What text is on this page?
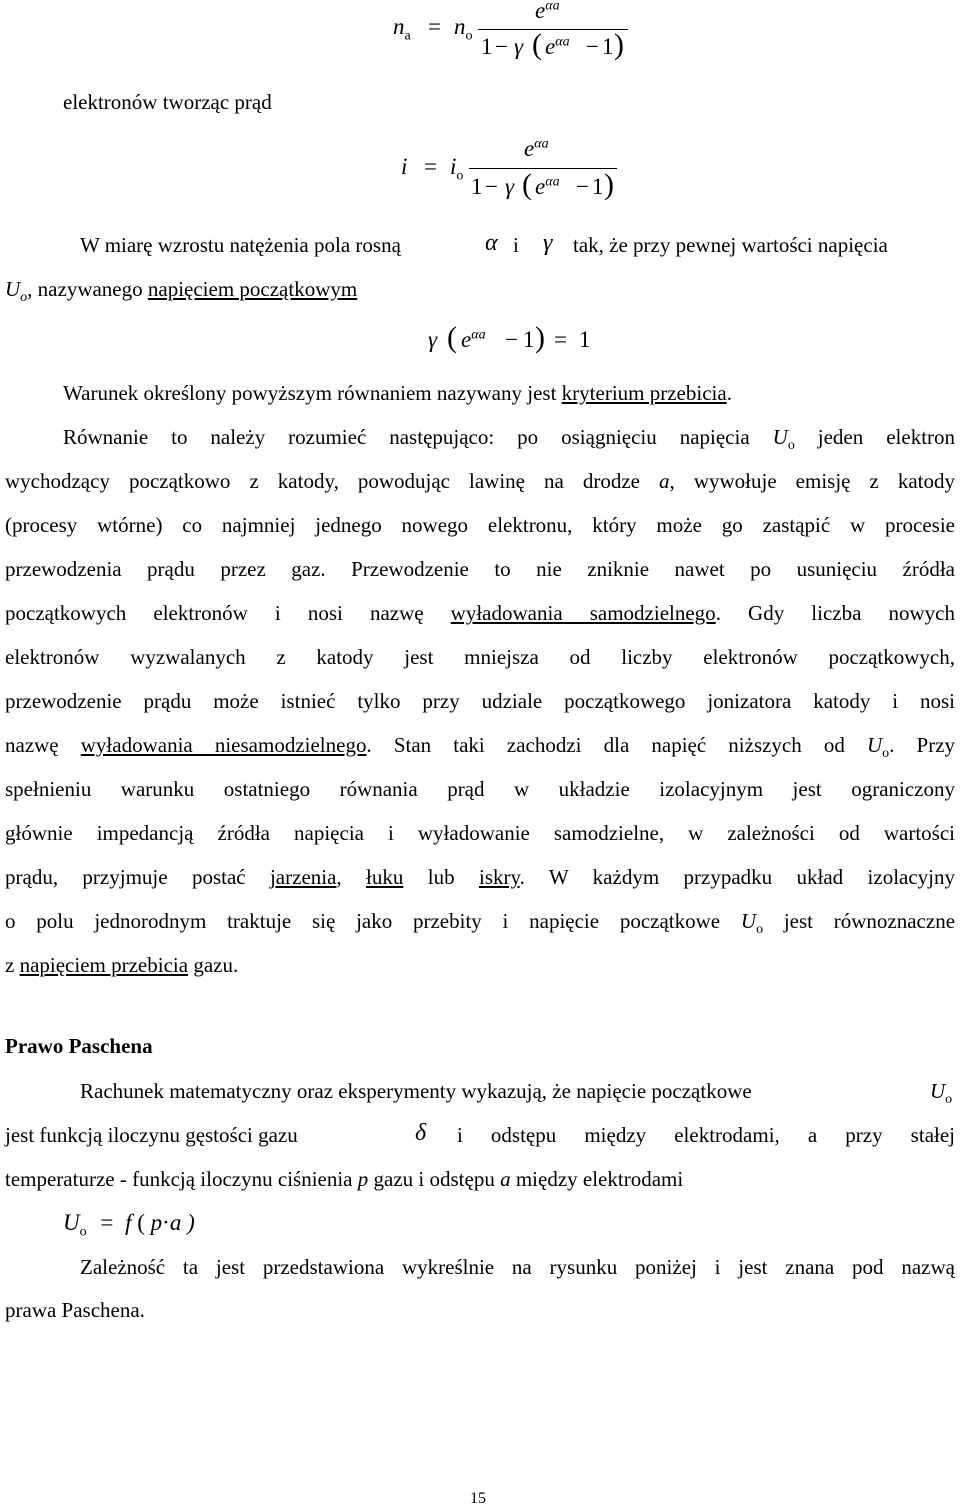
$n_a = n_o$
$e^{\alpha a}$
1 − γ ( $e^{\alpha a} - 1$ )
elektronów tworząc prąd
$i = i_o$
$e^{\alpha a}$
1 − γ ( $e^{\alpha a} - 1$ )
W miarę wzrostu natężenia pola rosną	α i γ tak, że przy pewnej wartości napięcia
$U_o$, nazywanego napięciem początkowym
γ ( $e^{\alpha a} - 1$ ) = 1
Warunek określony powyższym równaniem nazywany jest kryterium przebicia.
Równanie to należy rozumieć następująco: po osiągnięciu napięcia $U_o$ jeden elektron
wychodzący początkowo z katody, powodując lawinę na drodze a, wywołuje emisję z katody
(procesy wtórne) co najmniej jednego nowego elektronu, który może go zastąpić w procesie
przewodzenia prądu przez gaz. Przewodzenie to nie zniknie nawet po usunięciu źródła
początkowych elektronów i nosi nazwę wyładowania samodzielnego. Gdy liczba nowych
elektronów wyzwalanych z katody jest mniejsza od liczby elektronów początkowych,
przewodzenie prądu może istnieć tylko przy udziale początkowego jonizatora katody i nosi
nazwę wyładowania niesamodzielnego. Stan taki zachodzi dla napięć niższych od $U_o$. Przy
spełnieniu warunku ostatniego równania prąd w układzie izolacyjnym jest ograniczony
głównie impedancją źródła napięcia i wyładowanie samodzielne, w zależności od wartości
prądu, przyjmuje postać jarzenia, łuku lub iskry. W każdym przypadku układ izolacyjny
o polu jednorodnym traktuje się jako przebity i napięcie początkowe $U_o$ jest równoznaczne
z napięciem przebicia gazu.
Prawo Paschena
Rachunek matematyczny oraz eksperymenty wykazują, że napięcie początkowe	$U_o$
jest funkcją iloczynu gęstości gazu	δ i odstępu między elektrodami, a przy stałej
temperaturze - funkcją iloczynu ciśnienia p gazu i odstępu a między elektrodami
$U_o = f$ ( p·a )
Zależność ta jest przedstawiona wykreślnie na rysunku poniżej i jest znana pod nazwą
prawa Paschena.
15
